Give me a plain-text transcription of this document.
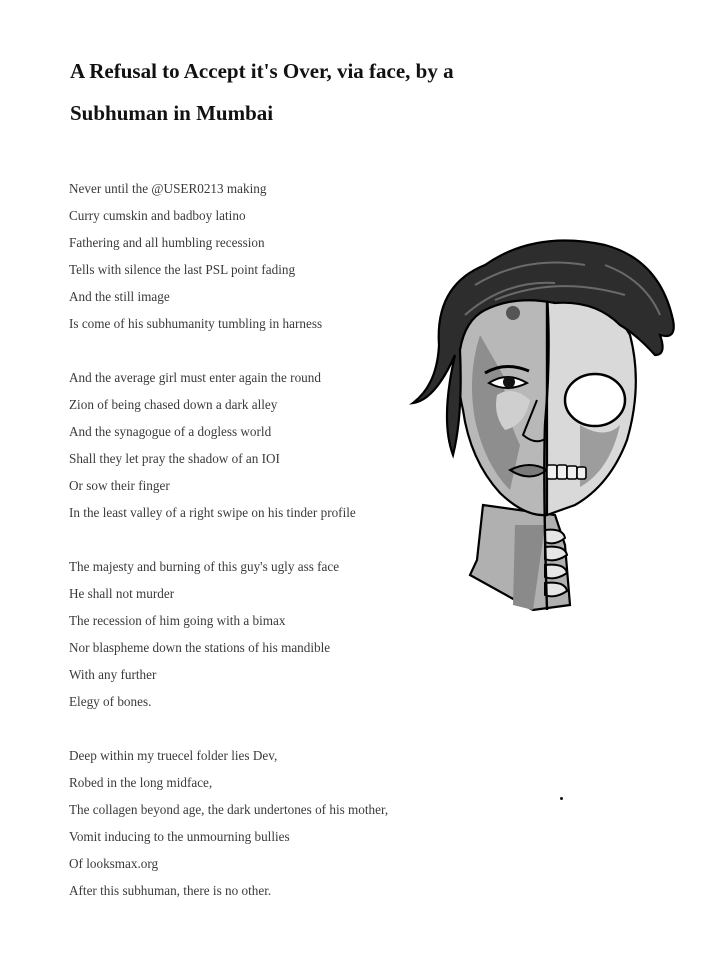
A Refusal to Accept it's Over, via face, by a
Subhuman in Mumbai
Never until the @USER0213 making
Curry cumskin and badboy latino
Fathering and all humbling recession
Tells with silence the last PSL point fading
And the still image
Is come of his subhumanity tumbling in harness
And the average girl must enter again the round
Zion of being chased down a dark alley
And the synagogue of a dogless world
Shall they let pray the shadow of an IOI
Or sow their finger
In the least valley of a right swipe on his tinder profile
The majesty and burning of this guy's ugly ass face
He shall not murder
The recession of him going with a bimax
Nor blaspheme down the stations of his mandible
With any further
Elegy of bones.
Deep within my truecel folder lies Dev,
Robed in the long midface,
The collagen beyond age, the dark undertones of his mother,
Vomit inducing to the unmourning bullies
Of looksmax.org
After this subhuman, there is no other.
